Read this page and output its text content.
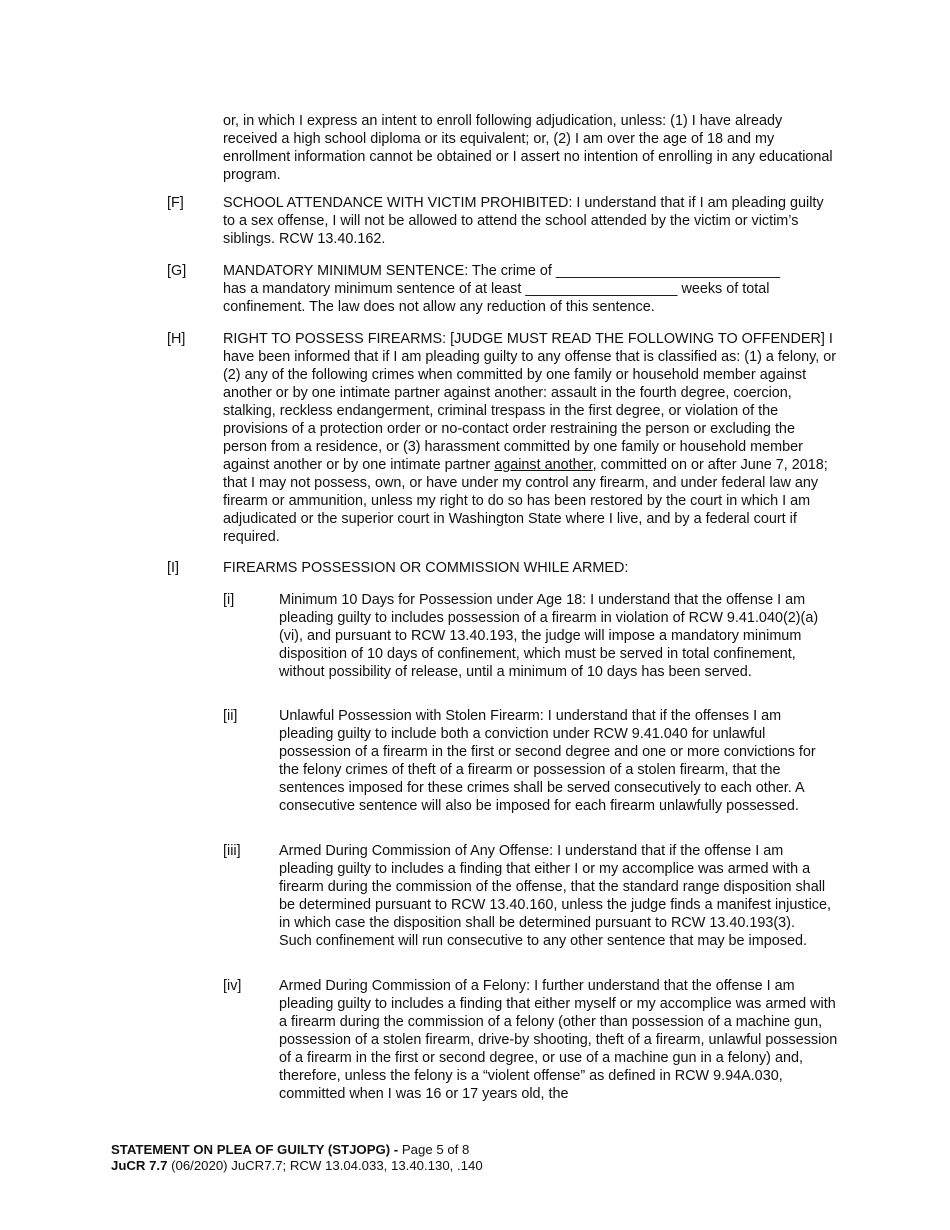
or, in which I express an intent to enroll following adjudication, unless: (1) I have already received a high school diploma or its equivalent; or, (2) I am over the age of 18 and my enrollment information cannot be obtained or I assert no intention of enrolling in any educational program.

[F]	SCHOOL ATTENDANCE WITH VICTIM PROHIBITED: I understand that if I am pleading guilty to a sex offense, I will not be allowed to attend the school attended by the victim or victim’s siblings. RCW 13.40.162.

[G]	MANDATORY MINIMUM SENTENCE: The crime of ____________________________
has a mandatory minimum sentence of at least ___________________ weeks of total confinement. The law does not allow any reduction of this sentence.

[H]	RIGHT TO POSSESS FIREARMS: [JUDGE MUST READ THE FOLLOWING TO OFFENDER] I have been informed that if I am pleading guilty to any offense that is classified as: (1) a felony, or (2) any of the following crimes when committed by one family or household member against another or by one intimate partner against another: assault in the fourth degree, coercion, stalking, reckless endangerment, criminal trespass in the first degree, or violation of the provisions of a protection order or no-contact order restraining the person or excluding the person from a residence, or (3) harassment committed by one family or household member against another or by one intimate partner against another, committed on or after June 7, 2018; that I may not possess, own, or have under my control any firearm, and under federal law any firearm or ammunition, unless my right to do so has been restored by the court in which I am adjudicated or the superior court in Washington State where I live, and by a federal court if required.

[I]	FIREARMS POSSESSION OR COMMISSION WHILE ARMED:

[i]	Minimum 10 Days for Possession under Age 18: I understand that the offense I am pleading guilty to includes possession of a firearm in violation of RCW 9.41.040(2)(a)(vi), and pursuant to RCW 13.40.193, the judge will impose a mandatory minimum disposition of 10 days of confinement, which must be served in total confinement, without possibility of release, until a minimum of 10 days has been served.

[ii]	Unlawful Possession with Stolen Firearm: I understand that if the offenses I am pleading guilty to include both a conviction under RCW 9.41.040 for unlawful possession of a firearm in the first or second degree and one or more convictions for the felony crimes of theft of a firearm or possession of a stolen firearm, that the sentences imposed for these crimes shall be served consecutively to each other. A consecutive sentence will also be imposed for each firearm unlawfully possessed.

[iii]	Armed During Commission of Any Offense: I understand that if the offense I am pleading guilty to includes a finding that either I or my accomplice was armed with a firearm during the commission of the offense, that the standard range disposition shall be determined pursuant to RCW 13.40.160, unless the judge finds a manifest injustice, in which case the disposition shall be determined pursuant to RCW 13.40.193(3). Such confinement will run consecutive to any other sentence that may be imposed.

[iv]	Armed During Commission of a Felony: I further understand that the offense I am pleading guilty to includes a finding that either myself or my accomplice was armed with a firearm during the commission of a felony (other than possession of a machine gun, possession of a stolen firearm, drive-by shooting, theft of a firearm, unlawful possession of a firearm in the first or second degree, or use of a machine gun in a felony) and, therefore, unless the felony is a “violent offense” as defined in RCW 9.94A.030, committed when I was 16 or 17 years old, the

STATEMENT ON PLEA OF GUILTY (STJOPG) - Page 5 of 8
JuCR 7.7 (06/2020) JuCR7.7; RCW 13.04.033, 13.40.130, .140
